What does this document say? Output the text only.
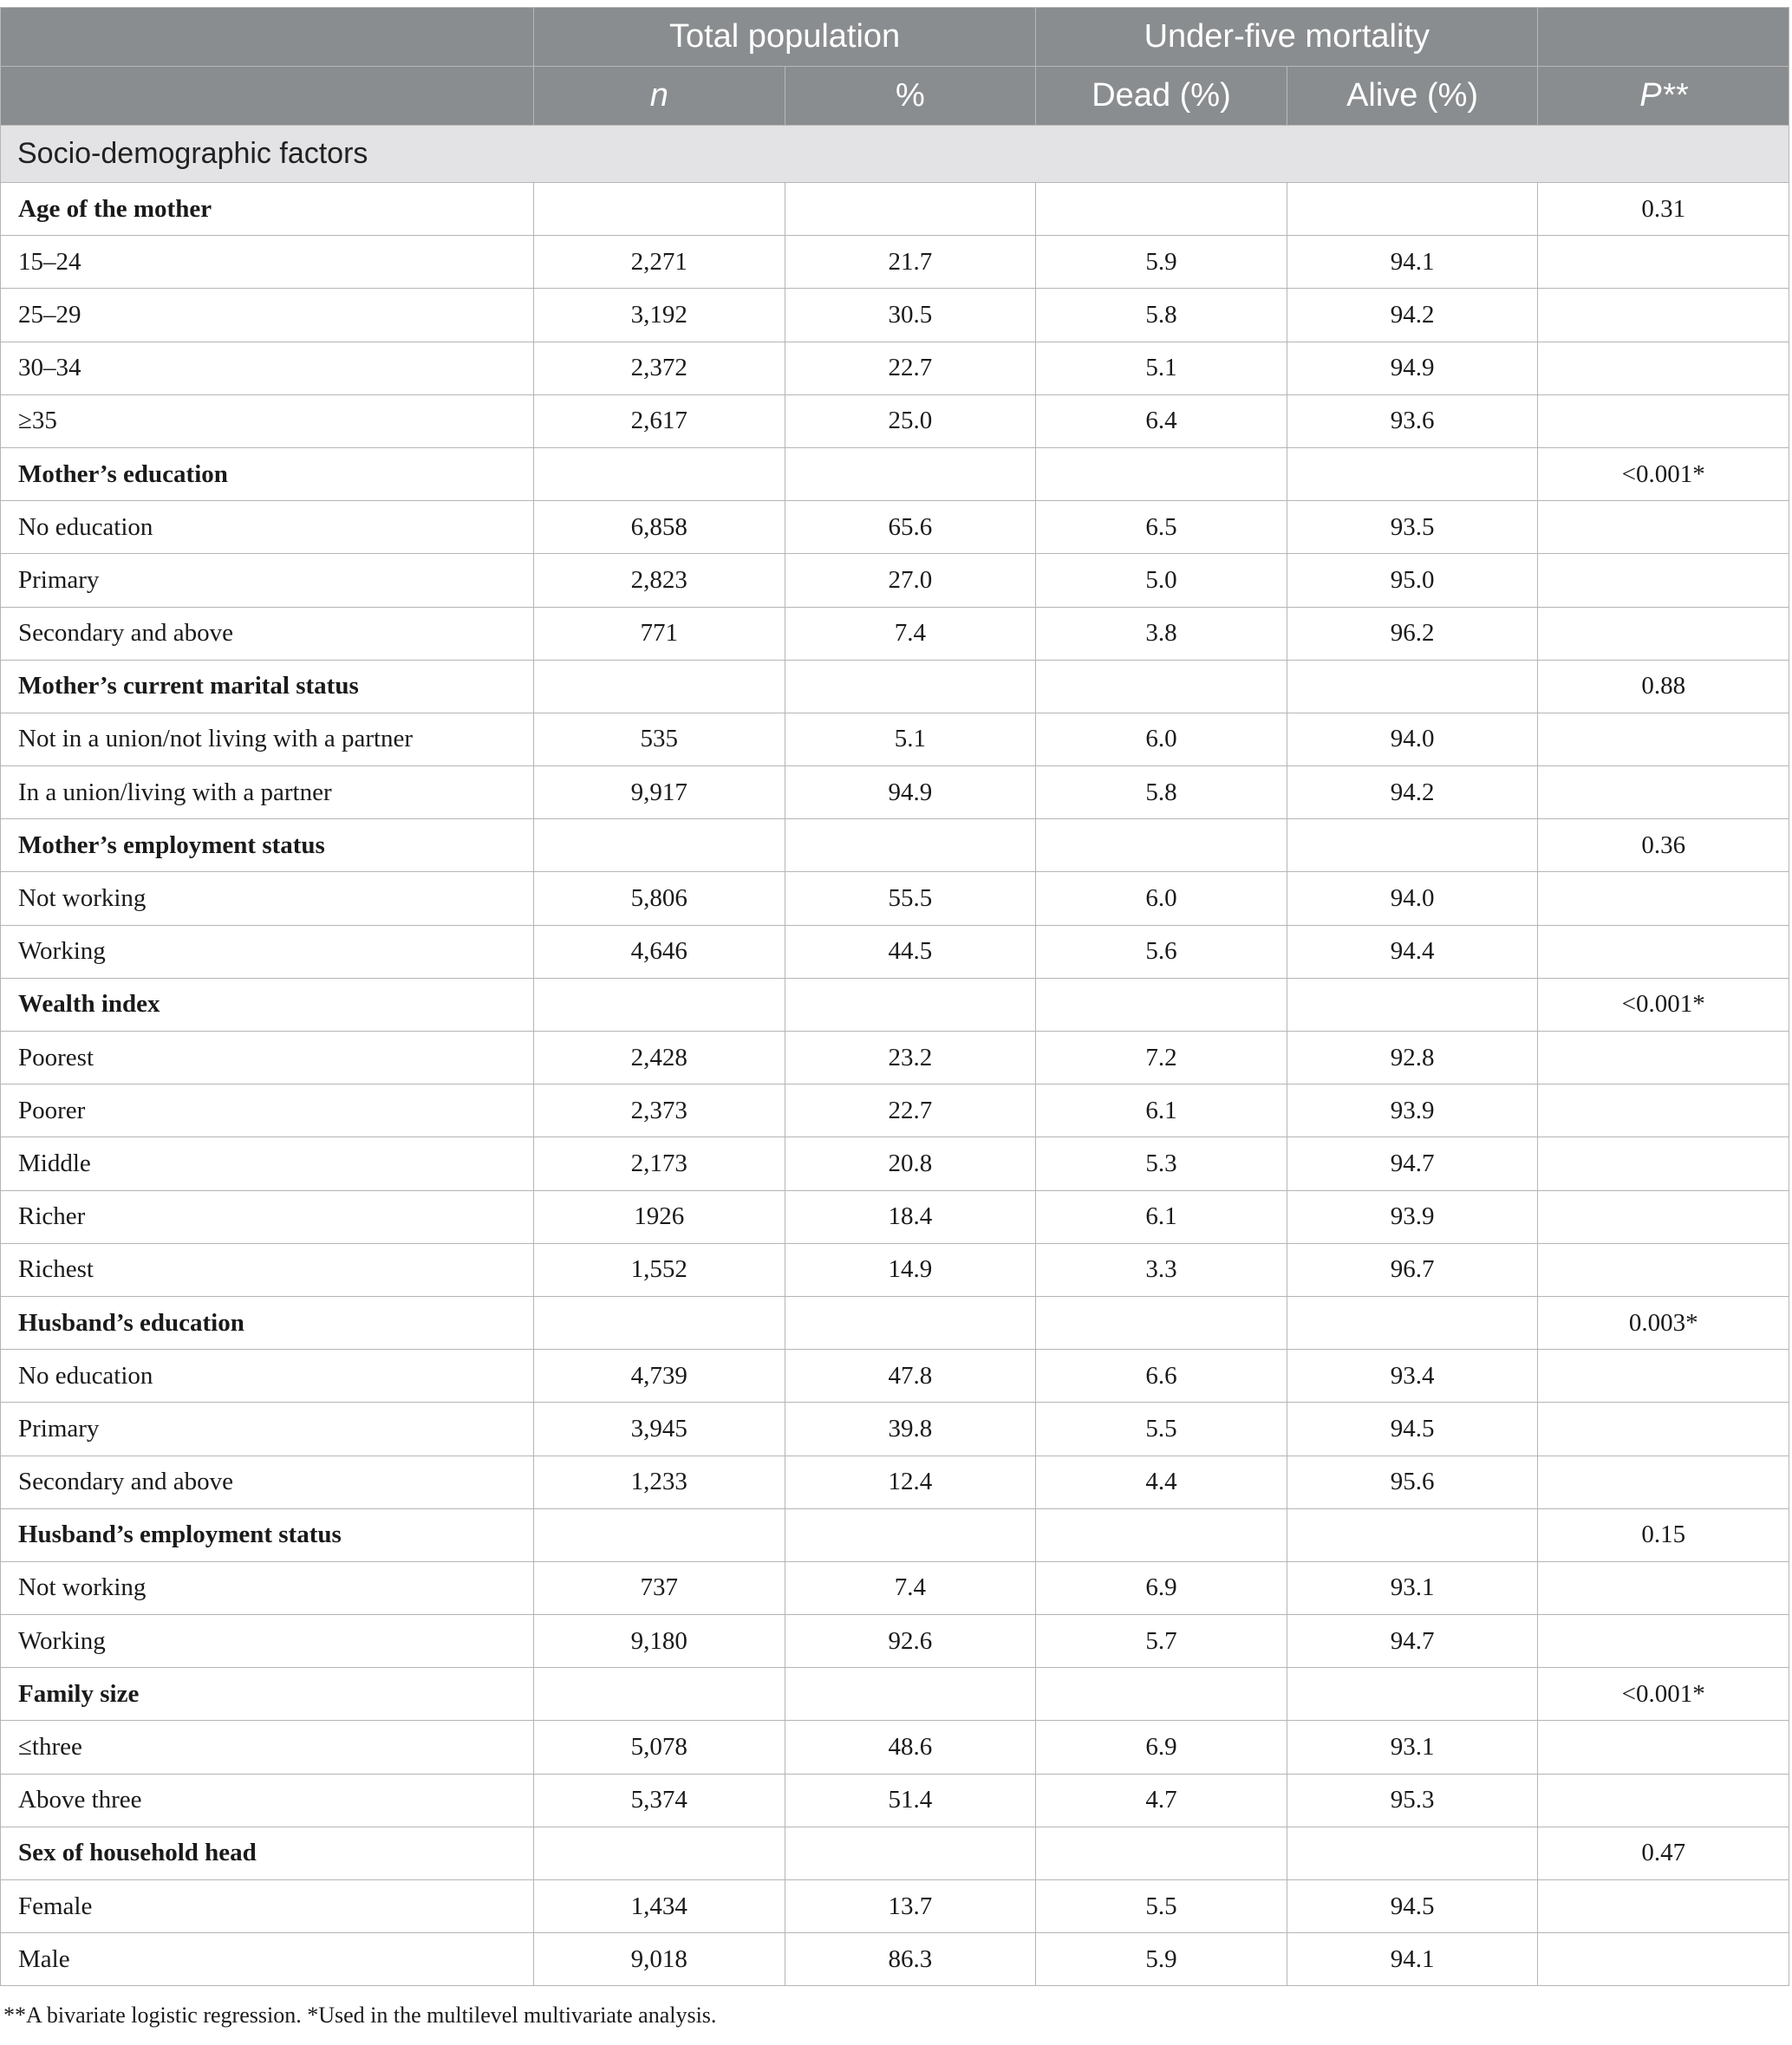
	Total population		Under-five mortality		
	n	%	Dead (%)	Alive (%)	P**
Socio-demographic factors					
Age of the mother					0.31
15–24	2,271	21.7	5.9	94.1	
25–29	3,192	30.5	5.8	94.2	
30–34	2,372	22.7	5.1	94.9	
≥35	2,617	25.0	6.4	93.6	
Mother’s education					<0.001*
No education	6,858	65.6	6.5	93.5	
Primary	2,823	27.0	5.0	95.0	
Secondary and above	771	7.4	3.8	96.2	
Mother’s current marital status					0.88
Not in a union/not living with a partner	535	5.1	6.0	94.0	
In a union/living with a partner	9,917	94.9	5.8	94.2	
Mother’s employment status					0.36
Not working	5,806	55.5	6.0	94.0	
Working	4,646	44.5	5.6	94.4	
Wealth index					<0.001*
Poorest	2,428	23.2	7.2	92.8	
Poorer	2,373	22.7	6.1	93.9	
Middle	2,173	20.8	5.3	94.7	
Richer	1926	18.4	6.1	93.9	
Richest	1,552	14.9	3.3	96.7	
Husband’s education					0.003*
No education	4,739	47.8	6.6	93.4	
Primary	3,945	39.8	5.5	94.5	
Secondary and above	1,233	12.4	4.4	95.6	
Husband’s employment status					0.15
Not working	737	7.4	6.9	93.1	
Working	9,180	92.6	5.7	94.7	
Family size					<0.001*
≤three	5,078	48.6	6.9	93.1	
Above three	5,374	51.4	4.7	95.3	
Sex of household head					0.47
Female	1,434	13.7	5.5	94.5	
Male	9,018	86.3	5.9	94.1	
**A bivariate logistic regression. *Used in the multilevel multivariate analysis.
